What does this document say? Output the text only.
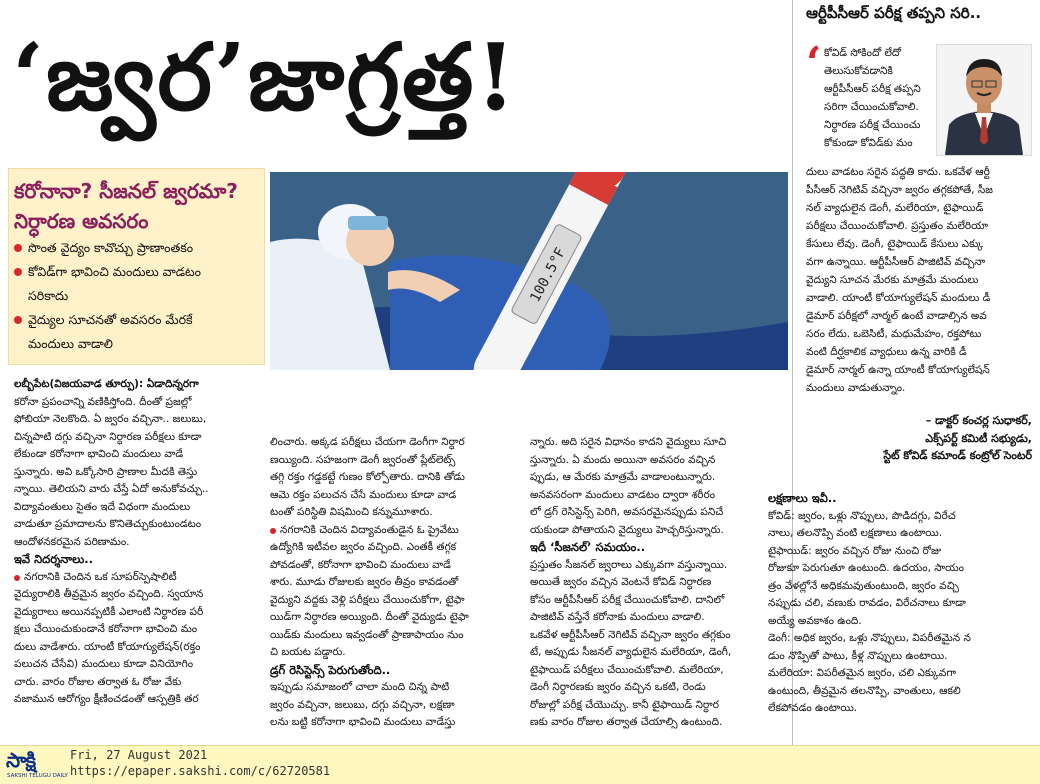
‘జ్వర’జాగ్రత్త!
ఆర్టీపీసీఆర్ పరీక్ష తప్పని సరి..
‘ కోవిడ్ సోకిందో లేదో
తెలుసుకోవడానికి
ఆర్టీపీసీఆర్ పరీక్ష తప్పని
సరిగా చేయించుకోవాలి.
నిర్ధారణ పరీక్ష చేయించు
కోకుండా కోవిడ్‌కు మం
దులు వాడటం సరైన పద్ధతి కాదు. ఒకవేళ ఆర్టీ
పీసీఆర్ నెగిటివ్ వచ్చినా జ్వరం తగ్గకపోతే, సీజ
నల్ వ్యాధులైన డెంగీ, మలేరియా, టైఫాయిడ్
పరీక్షలు చేయించుకోవాలి. ప్రస్తుతం మలేరియా
కేసులు లేవు. డెంగీ, టైఫాయిడ్ కేసులు ఎక్కు
వగా ఉన్నాయి. ఆర్టీపీసీఆర్ పాజిటివ్ వచ్చినా
వైద్యుని సూచన మేరకు మాత్రమే మందులు
వాడాలి. యాంటీ కోయాగ్యులేషన్ మందులు డీ
డైమార్ పరీక్షలో నార్మల్ ఉంటే వాడాల్సిన అవ
సరం లేదు. ఒబెసిటీ, మధుమేహం, రక్తపోటు
వంటి దీర్ఘకాలిక వ్యాధులు ఉన్న వారికి డీ
డైమార్ నార్మల్ ఉన్నా యాంటీ కోయాగ్యులేషన్
మందులు వాడుతున్నాం.
– డాక్టర్ కంచర్ల సుధాకర్,
ఎక్స్‌పర్ట్ కమిటీ సభ్యుడు,
స్టేట్ కోవిడ్ కమాండ్ కంట్రోల్ సెంటర్
కరోనానా? సీజనల్ జ్వరమా?
నిర్ధారణ అవసరం
సొంత వైద్యం కావొచ్చు ప్రాణాంతకం
కోవిడ్‌గా భావించి మందులు వాడటం
సరికాదు
వైద్యుల సూచనతో అవసరం మేరకే
మందులు వాడాలి
100.5°F
లబ్బీపేట(విజయవాడ తూర్పు): ఏడాదిన్నరగా
కరోనా ప్రపంచాన్ని వణికిస్తోంది. దీంతో ప్రజల్లో
ఫోబియా నెలకొంది. ఏ జ్వరం వచ్చినా.. జలుబు,
చిన్నపాటి దగ్గు వచ్చినా నిర్ధారణ పరీక్షలు కూడా
లేకుండా కరోనాగా భావించి మందులు వాడే
స్తున్నారు. అవి ఒక్కోసారి ప్రాణాల మీదకి తెస్తు
న్నాయి. తెలియని వారు చేస్తే ఏదో అనుకోవచ్చు..
విద్యావంతులు సైతం ఇదే విధంగా మందులు
వాడుతూ ప్రమాదాలను కొనితెచ్చుకుంటుండటం
ఆందోళనకరమైన పరిణామం.
ఇవే నిదర్శనాలు..
నగరానికి చెందిన ఒక సూపర్‌స్పెషాలిటీ
వైద్యురాలికి తీవ్రమైన జ్వరం వచ్చింది. స్వయాన
వైద్యురాలు అయినప్పటికీ ఎలాంటి నిర్ధారణ పరీ
క్షలు చేయించుకుండానే కరోనాగా భావించి మం
దులు వాడేశారు. యాంటీ కోయాగ్యులేషన్(రక్తం
పలుచన చేసేవి) మందులు కూడా వినియోగిం
చారు. వారం రోజుల తర్వాత ఓ రోజు వేకు
వజామున ఆరోగ్యం క్షీణించడంతో ఆస్పత్రికి తర
లించారు. అక్కడ పరీక్షలు చేయగా డెంగీగా నిర్ధార
ణయ్యింది. సహజంగా డెంగీ జ్వరంతో ప్లేట్‌లెట్స్
తగ్గి రక్తం గడ్డకట్టే గుణం కోల్పోతారు. దానికి తోడు
ఆమె రక్తం పలుచన చేసే మందులు కూడా వాడ
టంతో పరిస్థితి విషమించి కన్నుమూశారు.
నగరానికి చెందిన విద్యావంతుడైన ఓ ప్రైవేటు
ఉద్యోగికి ఇటీవల జ్వరం వచ్చింది. ఎంతకీ తగ్గక
పోవడంతో, కరోనాగా భావించి మందులు వాడే
శారు. మూడు రోజులకు జ్వరం తీవ్రం కావడంతో
వైద్యుని వద్దకు వెళ్లి పరీక్షలు చేయించుకోగా, టైఫా
యిడ్‌గా నిర్ధారణ అయ్యింది. దీంతో వైద్యుడు టైఫా
యిడ్‌కు మందులు ఇవ్వడంతో ప్రాణాపాయం నుం
చి బయట పడ్డారు.
డ్రగ్ రెసిస్టెన్స్ పెరుగుతోంది..
ఇప్పుడు సమాజంలో చాలా మంది చిన్న పాటి
జ్వరం వచ్చినా, జలుబు, దగ్గు వచ్చినా, లక్షణా
లను బట్టి కరోనాగా భావించి మందులు వాడేస్తు
న్నారు. అది సరైన విధానం కాదని వైద్యులు సూచి
స్తున్నారు. ఏ మందు అయినా అవసరం వచ్చిన
ప్పుడు, ఆ మేరకు మాత్రమే వాడాలంటున్నారు.
అనవసరంగా మందులు వాడటం ద్వారా శరీరం
లో డ్రగ్ రెసిస్టెన్స్ పెరిగి, అవసరమైనప్పుడు పనిచే
యకుండా పోతాయని వైద్యులు హెచ్చరిస్తున్నారు.
ఇదీ ‘సీజనల్’ సమయం..
ప్రస్తుతం సీజనల్ జ్వరాలు ఎక్కువగా వస్తున్నాయి.
అయితే జ్వరం వచ్చిన వెంటనే కోవిడ్ నిర్ధారణ
కోసం ఆర్టీపీసీఆర్ పరీక్ష చేయించుకోవాలి. దానిలో
పాజిటివ్ వస్తేనే కరోనాకు మందులు వాడాలి.
ఒకవేళ ఆర్టీపీసీఆర్ నెగిటివ్ వచ్చినా జ్వరం తగ్గకుం
టే, అప్పుడు సీజనల్ వ్యాధులైన మలేరియా, డెంగీ,
టైఫాయిడ్ పరీక్షలు చేయించుకోవాలి. మలేరియా,
డెంగీ నిర్ధారణకు జ్వరం వచ్చిన ఒకటి, రెండు
రోజుల్లో పరీక్ష చేయొచ్చు. కానీ టైఫాయిడ్ నిర్ధార
ణకు వారం రోజుల తర్వాత చేయాల్సి ఉంటుంది.
లక్షణాలు ఇవీ..
కోవిడ్: జ్వరం, ఒళ్లు నొప్పులు, పొడిదగ్గు, విరేచ
నాలు, తలనొప్పి వంటి లక్షణాలు ఉంటాయి.
టైఫాయిడ్: జ్వరం వచ్చిన రోజు నుంచి రోజు
రోజుకూ పెరుగుతూ ఉంటుంది. ఉదయం, సాయం
త్రం వేళల్లోనే అధికమవుతుంటుంది, జ్వరం వచ్చి
నప్పుడు చలి, వణుకు రావడం, విరేచనాలు కూడా
అయ్యే అవకాశం ఉంది.
డెంగీ: అధిక జ్వరం, ఒళ్లు నొప్పులు, విపరీతమైన న
డుం నొప్పితో పాటు, కీళ్ల నొప్పులు ఉంటాయి.
మలేరియా: విపరీతమైన జ్వరం, చలి ఎక్కువగా
ఉంటుంది, తీవ్రమైన తలనొప్పి, వాంతులు, ఆకలి
లేకపోవడం ఉంటాయి.
సాక్షి
SAKSHI TELUGU DAILY
Fri, 27 August 2021
https://epaper.sakshi.com/c/62720581
